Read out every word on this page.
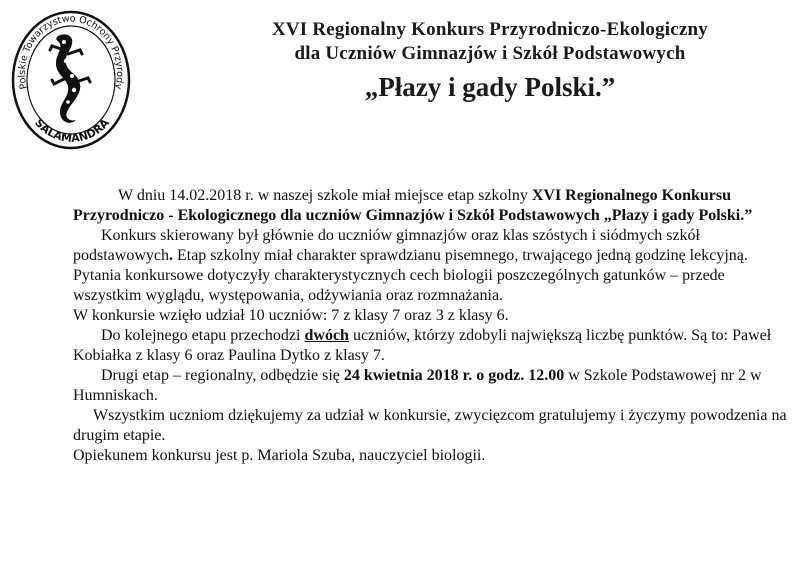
Polskie Towarzystwo Ochrony Przyrody
SALAMANDRA
XVI Regionalny Konkurs Przyrodniczo-Ekologiczny
dla Uczniów Gimnazjów i Szkół Podstawowych
„Płazy i gady Polski.”

W dniu 14.02.2018 r. w naszej szkole miał miejsce etap szkolny XVI Regionalnego Konkursu Przyrodniczo - Ekologicznego dla uczniów Gimnazjów i Szkół Podstawowych „Płazy i gady Polski.”

Konkurs skierowany był głównie do uczniów gimnazjów oraz klas szóstych i siódmych szkół podstawowych. Etap szkolny miał charakter sprawdzianu pisemnego, trwającego jedną godzinę lekcyjną. Pytania konkursowe dotyczyły charakterystycznych cech biologii poszczególnych gatunków – przede wszystkim wyglądu, występowania, odżywiania oraz rozmnażania.

W konkursie wzięło udział 10 uczniów: 7 z klasy 7 oraz 3 z klasy 6.

Do kolejnego etapu przechodzi dwóch uczniów, którzy zdobyli największą liczbę punktów. Są to: Paweł Kobiałka z klasy 6 oraz Paulina Dytko z klasy 7.

Drugi etap – regionalny, odbędzie się 24 kwietnia 2018 r. o godz. 12.00 w Szkole Podstawowej nr 2 w Humniskach.

Wszystkim uczniom dziękujemy za udział w konkursie, zwycięzcom gratulujemy i życzymy powodzenia na drugim etapie.

Opiekunem konkursu jest p. Mariola Szuba, nauczyciel biologii.
